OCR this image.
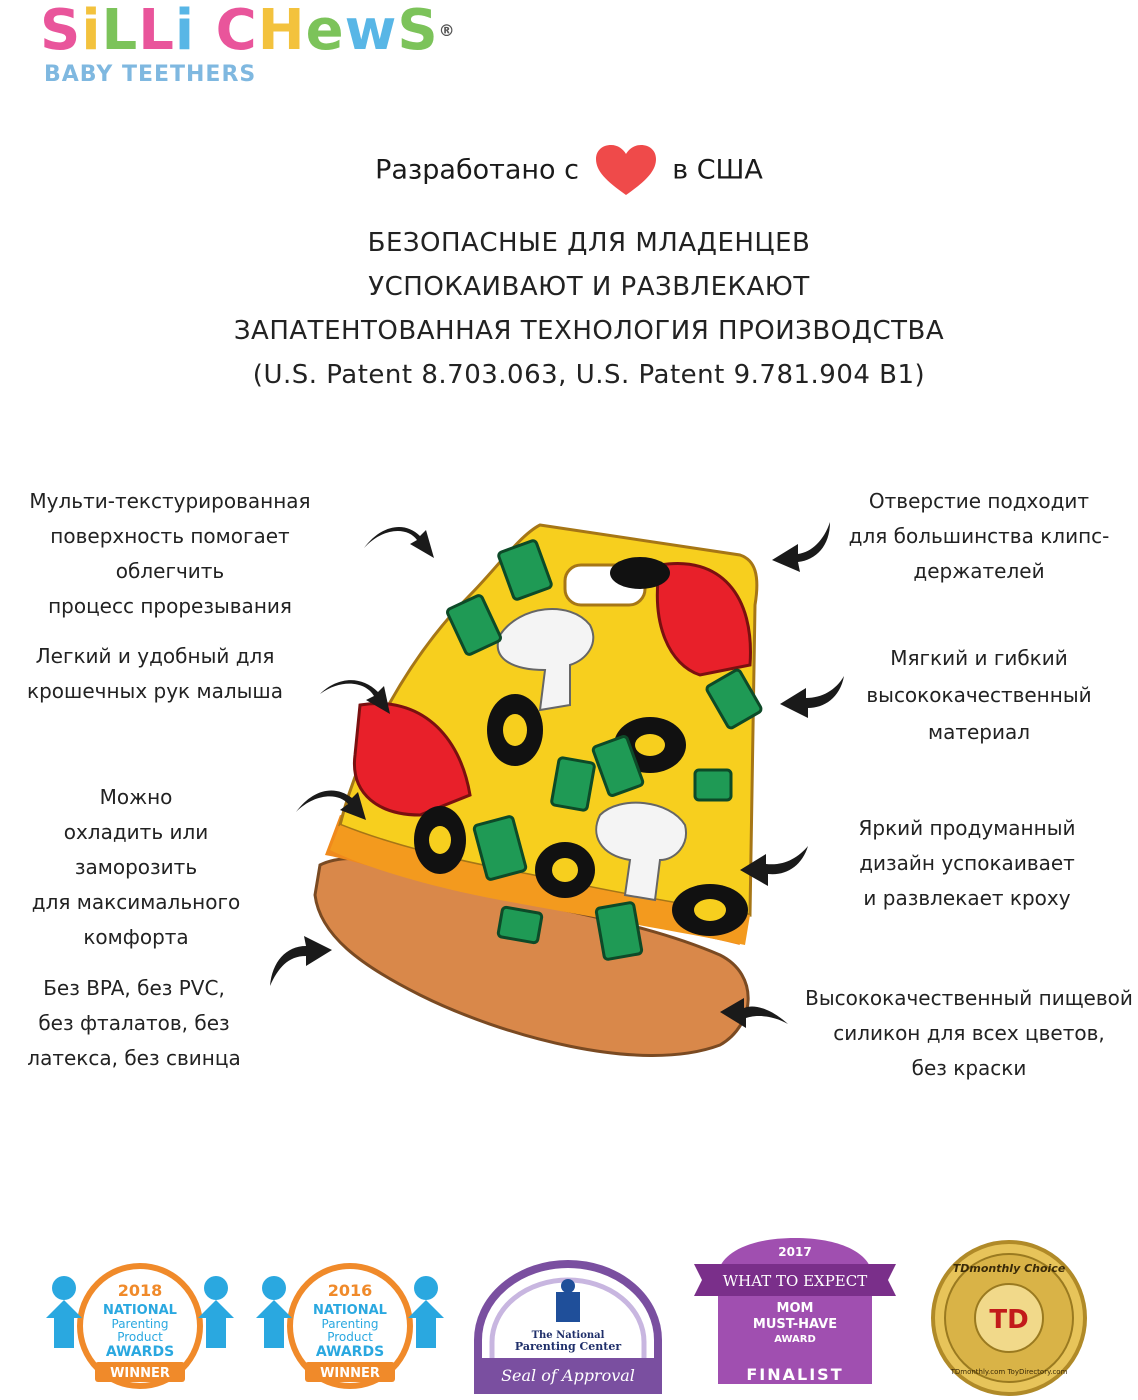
SiLLi CHewS®
BABY TEETHERS
Разработано с	в США
БЕЗОПАСНЫЕ ДЛЯ МЛАДЕНЦЕВ
УСПОКАИВАЮТ И РАЗВЛЕКАЮТ
ЗАПАТЕНТОВАННАЯ ТЕХНОЛОГИЯ ПРОИЗВОДСТВА
(U.S. Patent 8.703.063, U.S. Patent 9.781.904 B1)
Мульти-текстурированная
поверхность помогает облегчить
процесс прорезывания
Легкий и удобный для
крошечных рук малыша
Можно
охладить или заморозить
для максимального
комфорта
Без BPA, без PVC,
без фталатов, без
латекса, без свинца
Отверстие подходит
для большинства клипс-
держателей
Мягкий и гибкий
высококачественный
материал
Яркий продуманный
дизайн успокаивает
и развлекает кроху
Высококачественный пищевой
силикон для всех цветов,
без краски
2018
NATIONAL
Parenting
Product
AWARDS
WINNER
2016
NATIONAL
Parenting
Product
AWARDS
WINNER
The National
Parenting Center
Seal of Approval
2017
WHAT TO EXPECT
MOM
MUST-HAVE
AWARD
FINALIST
TD
TDmonthly Choice
TDmonthly.com ToyDirectory.com
